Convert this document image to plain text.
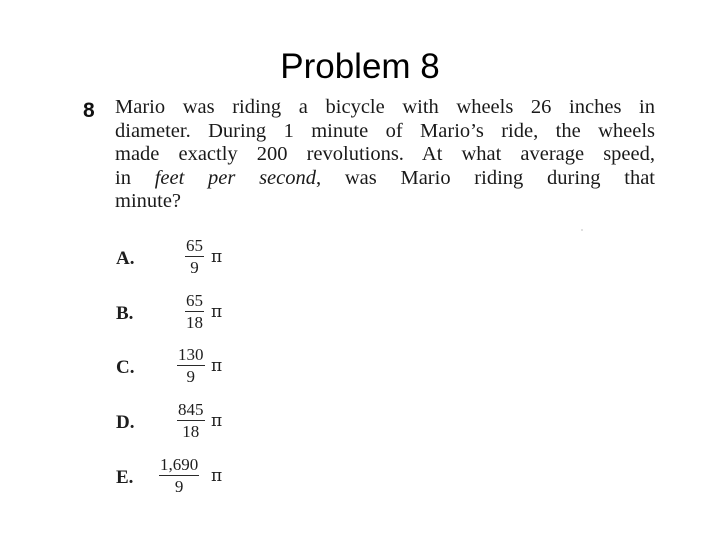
Problem 8
8 Mario was riding a bicycle with wheels 26 inches in
diameter. During 1 minute of Mario’s ride, the wheels
made exactly 200 revolutions. At what average speed,
in feet per second, was Mario riding during that
minute?
A.	$\frac{65}{9}$ π
B.	$\frac{65}{18}$ π
C.	$\frac{130}{9}$ π
D.	$\frac{845}{18}$ π
E. $\frac{1,690}{9}$ π
